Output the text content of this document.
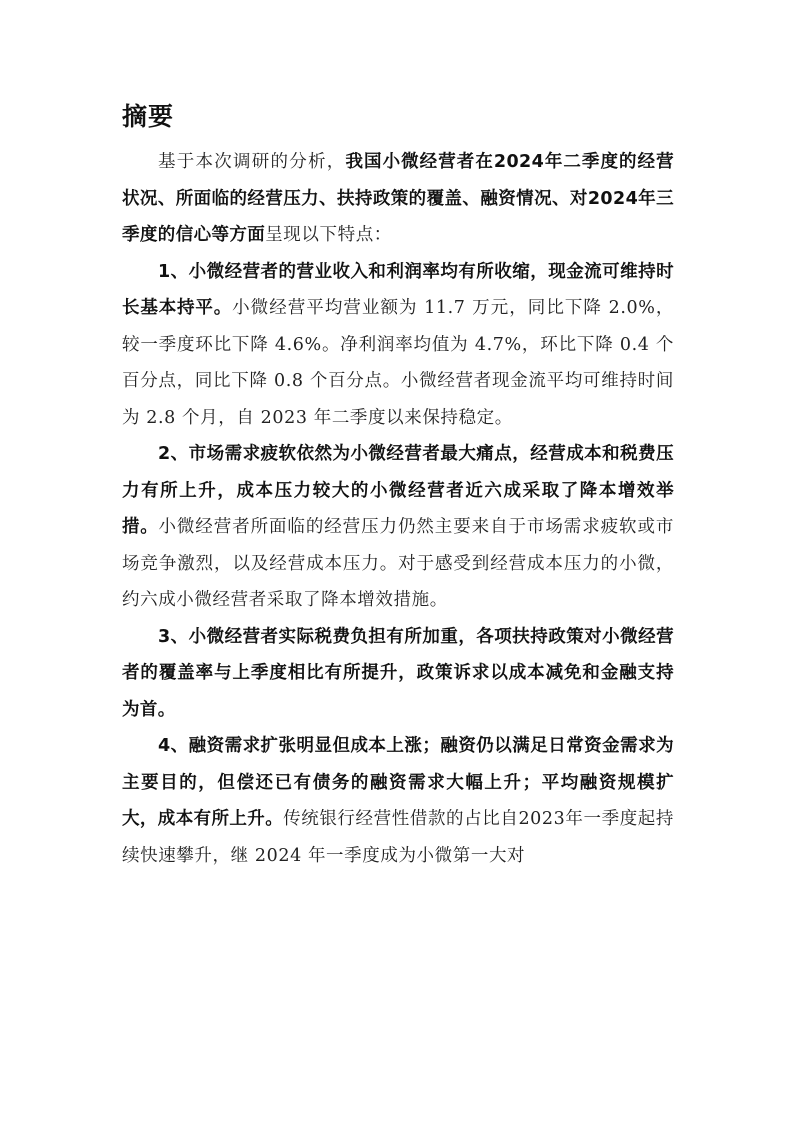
摘要

基于本次调研的分析，我国小微经营者在2024年二季度的经营状况、所面临的经营压力、扶持政策的覆盖、融资情况、对2024年三季度的信心等方面呈现以下特点：

1、小微经营者的营业收入和利润率均有所收缩，现金流可维持时长基本持平。小微经营平均营业额为 11.7 万元，同比下降 2.0%，较一季度环比下降 4.6%。净利润率均值为 4.7%，环比下降 0.4 个百分点，同比下降 0.8 个百分点。小微经营者现金流平均可维持时间为 2.8 个月，自 2023 年二季度以来保持稳定。

2、市场需求疲软依然为小微经营者最大痛点，经营成本和税费压力有所上升，成本压力较大的小微经营者近六成采取了降本增效举措。小微经营者所面临的经营压力仍然主要来自于市场需求疲软或市场竞争激烈，以及经营成本压力。对于感受到经营成本压力的小微，约六成小微经营者采取了降本增效措施。

3、小微经营者实际税费负担有所加重，各项扶持政策对小微经营者的覆盖率与上季度相比有所提升，政策诉求以成本减免和金融支持为首。

4、融资需求扩张明显但成本上涨；融资仍以满足日常资金需求为主要目的，但偿还已有债务的融资需求大幅上升；平均融资规模扩大，成本有所上升。传统银行经营性借款的占比自2023年一季度起持续快速攀升，继 2024 年一季度成为小微第一大对
